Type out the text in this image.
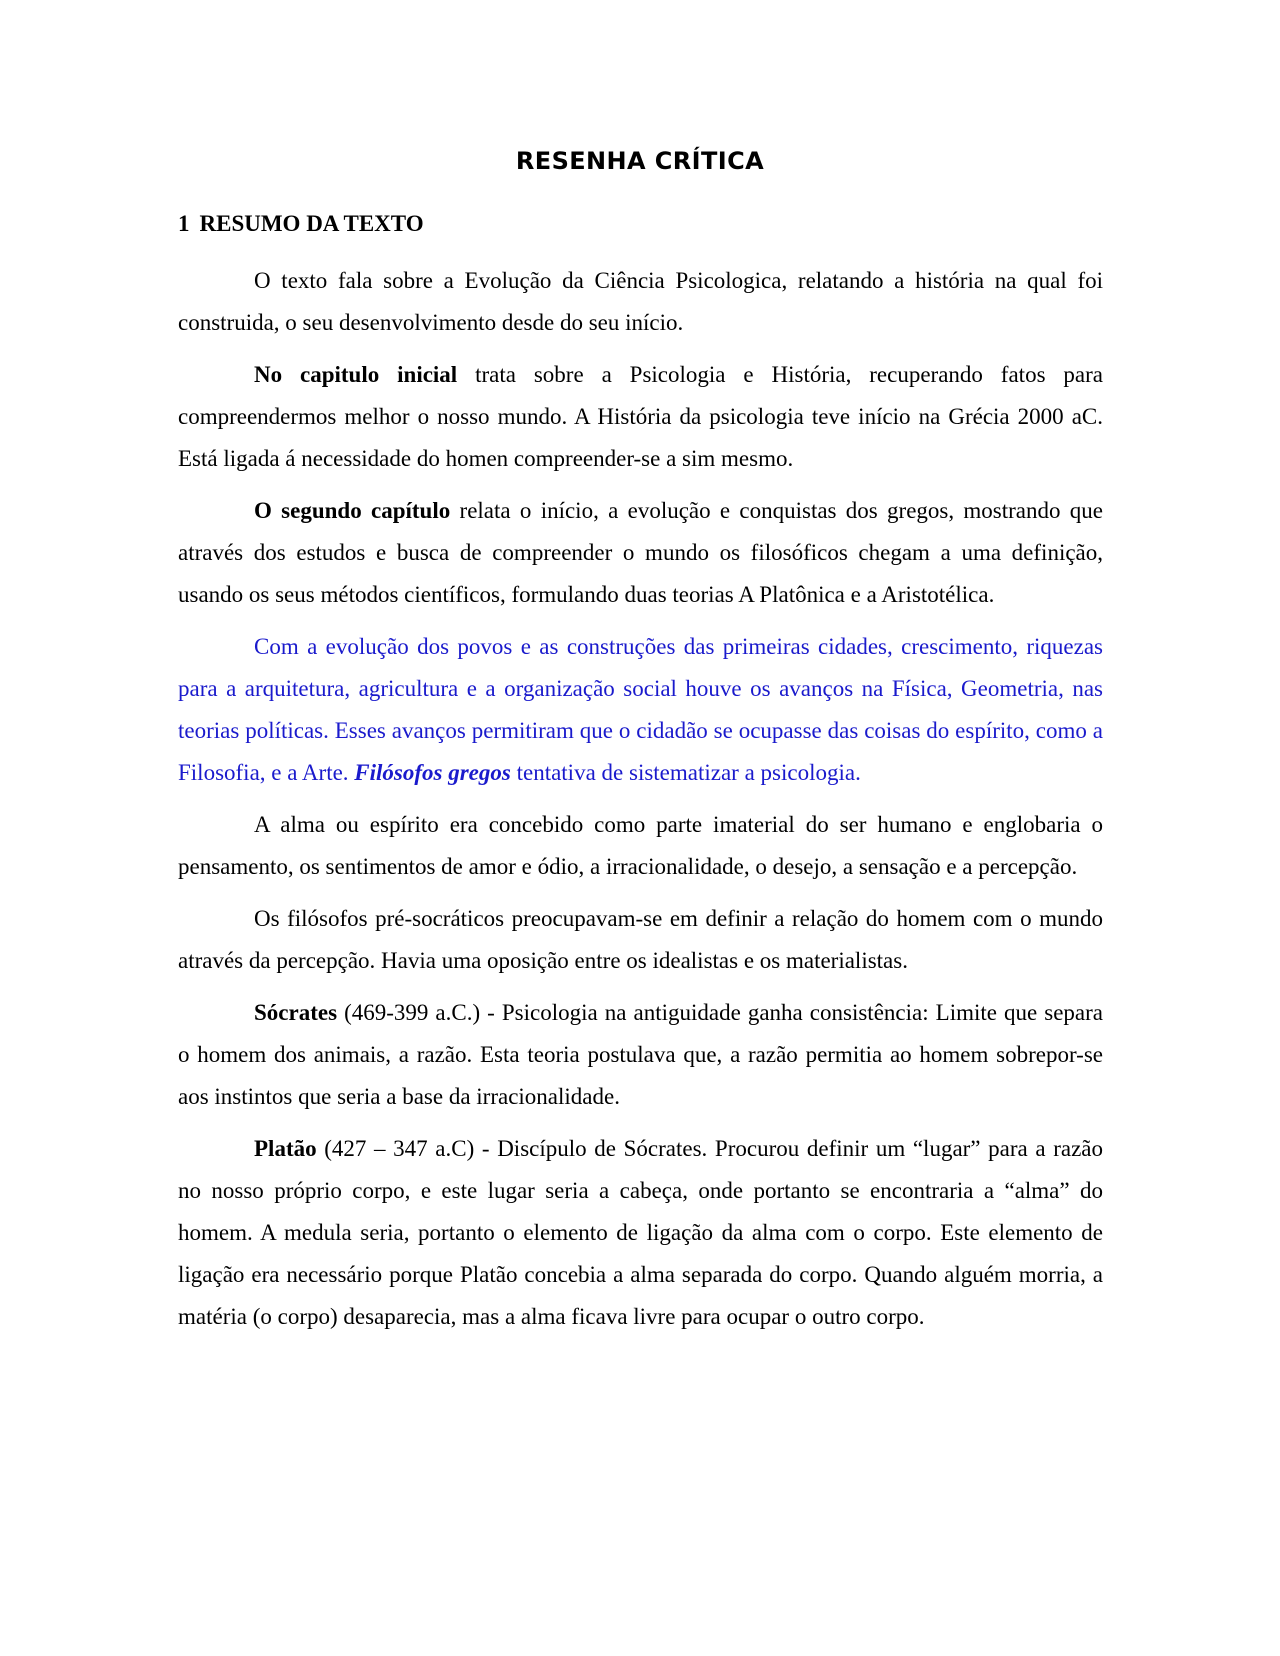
RESENHA CRÍTICA
1 RESUMO DA TEXTO

O texto fala sobre a Evolução da Ciência Psicologica, relatando a história na qual foi construida, o seu desenvolvimento desde do seu início.

No capitulo inicial trata sobre a Psicologia e História, recuperando fatos para compreendermos melhor o nosso mundo. A História da psicologia teve início na Grécia 2000 aC. Está ligada á necessidade do homen compreender-se a sim mesmo.

O segundo capítulo relata o início, a evolução e conquistas dos gregos, mostrando que através dos estudos e busca de compreender o mundo os filosóficos chegam a uma definição, usando os seus métodos científicos, formulando duas teorias A Platônica e a Aristotélica.

Com a evolução dos povos e as construções das primeiras cidades, crescimento, riquezas para a arquitetura, agricultura e a organização social houve os avanços na Física, Geometria, nas teorias políticas. Esses avanços permitiram que o cidadão se ocupasse das coisas do espírito, como a Filosofia, e a Arte. Filósofos gregos tentativa de sistematizar a psicologia.

A alma ou espírito era concebido como parte imaterial do ser humano e englobaria o pensamento, os sentimentos de amor e ódio, a irracionalidade, o desejo, a sensação e a percepção.

Os filósofos pré-socráticos preocupavam-se em definir a relação do homem com o mundo através da percepção. Havia uma oposição entre os idealistas e os materialistas.

Sócrates (469-399 a.C.) - Psicologia na antiguidade ganha consistência: Limite que separa o homem dos animais, a razão. Esta teoria postulava que, a razão permitia ao homem sobrepor-se aos instintos que seria a base da irracionalidade.

Platão (427 – 347 a.C) - Discípulo de Sócrates. Procurou definir um “lugar” para a razão no nosso próprio corpo, e este lugar seria a cabeça, onde portanto se encontraria a “alma” do homem. A medula seria, portanto o elemento de ligação da alma com o corpo. Este elemento de ligação era necessário porque Platão concebia a alma separada do corpo. Quando alguém morria, a matéria (o corpo) desaparecia, mas a alma ficava livre para ocupar o outro corpo.
